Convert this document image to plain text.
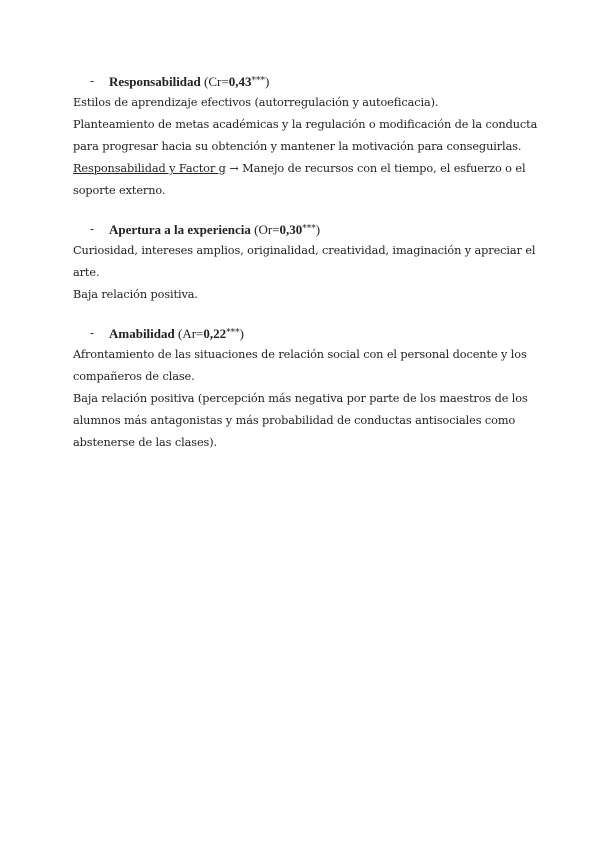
- Responsabilidad (Cr=0,43***)
Estilos de aprendizaje efectivos (autorregulación y autoeficacia).
Planteamiento de metas académicas y la regulación o modificación de la conducta
para progresar hacia su obtención y mantener la motivación para conseguirlas.
Responsabilidad y Factor g → Manejo de recursos con el tiempo, el esfuerzo o el
soporte externo.
- Apertura a la experiencia (Or=0,30***)
Curiosidad, intereses amplios, originalidad, creatividad, imaginación y apreciar el
arte.
Baja relación positiva.
- Amabilidad (Ar=0,22***)
Afrontamiento de las situaciones de relación social con el personal docente y los
compañeros de clase.
Baja relación positiva (percepción más negativa por parte de los maestros de los
alumnos más antagonistas y más probabilidad de conductas antisociales como
abstenerse de las clases).
